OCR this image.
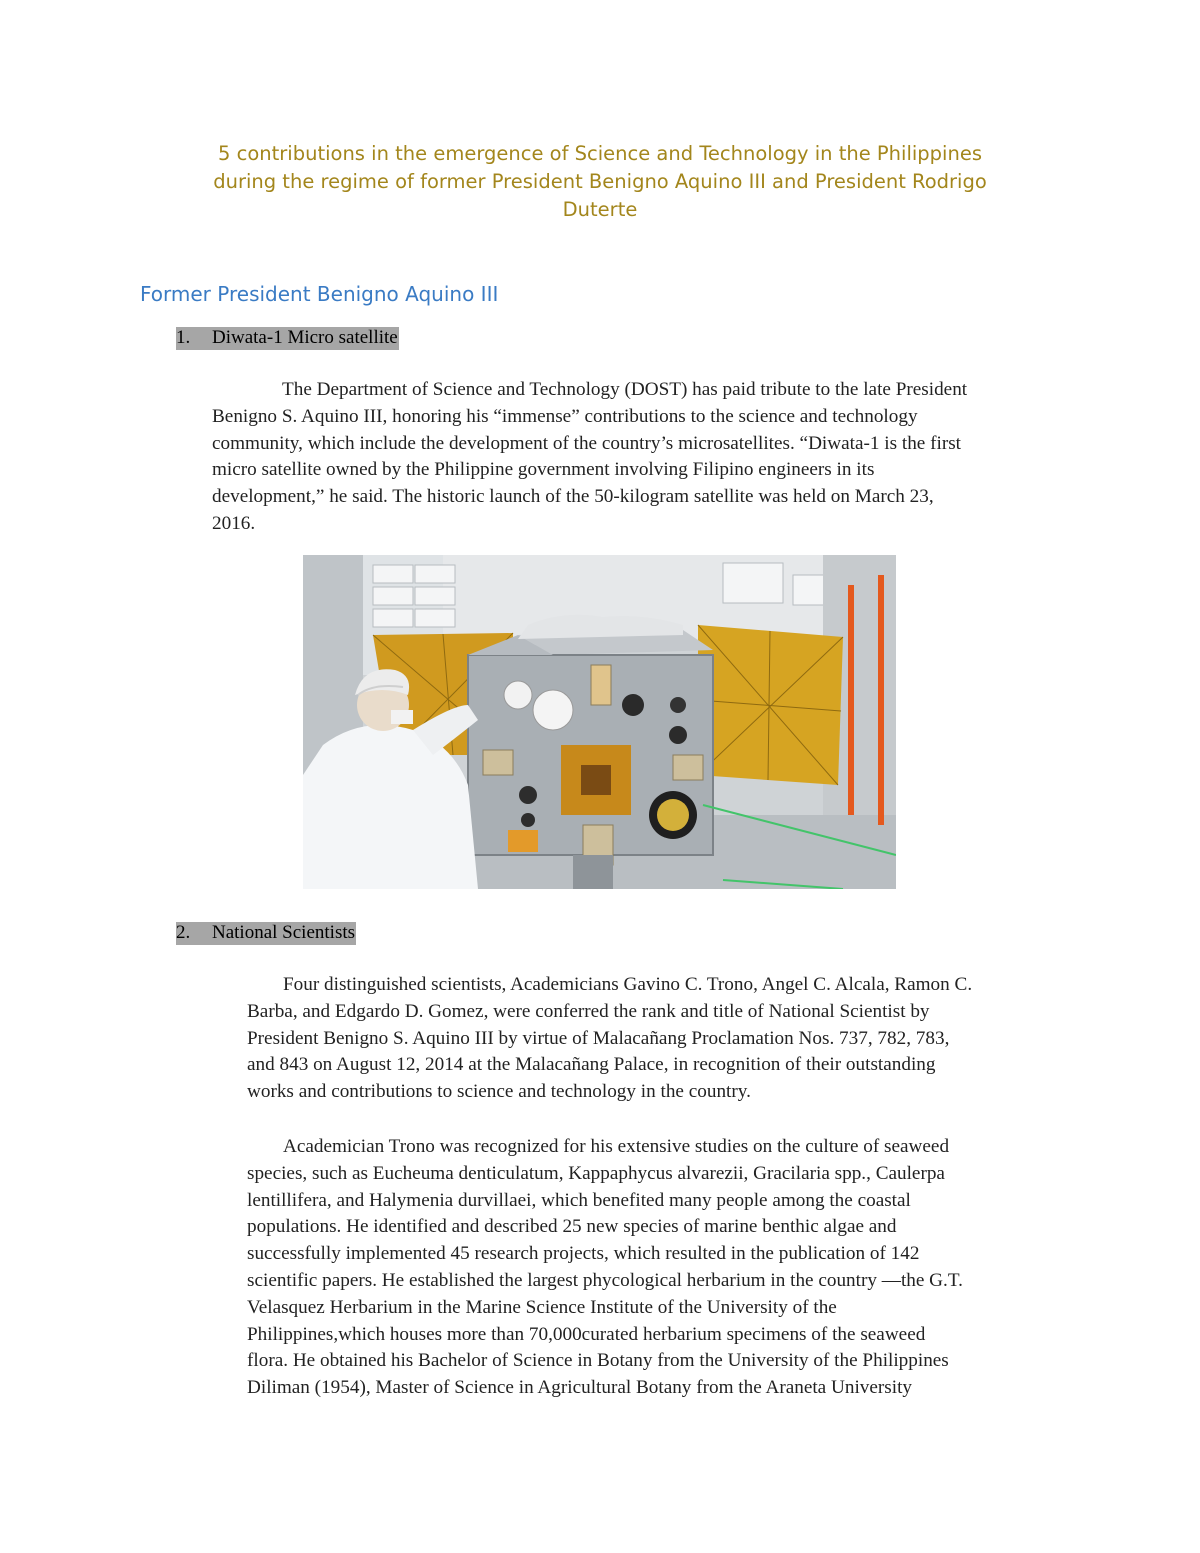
5 contributions in the emergence of Science and Technology in the Philippines
during the regime of former President Benigno Aquino III and President Rodrigo
Duterte
Former President Benigno Aquino III
1. Diwata-1 Micro satellite
The Department of Science and Technology (DOST) has paid tribute to the late President
Benigno S. Aquino III, honoring his “immense” contributions to the science and technology
community, which include the development of the country’s microsatellites. “Diwata-1 is the first
micro satellite owned by the Philippine government involving Filipino engineers in its
development,” he said. The historic launch of the 50-kilogram satellite was held on March 23,
2016.
2. National Scientists
Four distinguished scientists, Academicians Gavino C. Trono, Angel C. Alcala, Ramon C.
Barba, and Edgardo D. Gomez, were conferred the rank and title of National Scientist by
President Benigno S. Aquino III by virtue of Malacañang Proclamation Nos. 737, 782, 783,
and 843 on August 12, 2014 at the Malacañang Palace, in recognition of their outstanding
works and contributions to science and technology in the country.
Academician Trono was recognized for his extensive studies on the culture of seaweed
species, such as Eucheuma denticulatum, Kappaphycus alvarezii, Gracilaria spp., Caulerpa
lentillifera, and Halymenia durvillaei, which benefited many people among the coastal
populations. He identified and described 25 new species of marine benthic algae and
successfully implemented 45 research projects, which resulted in the publication of 142
scientific papers. He established the largest phycological herbarium in the country —the G.T.
Velasquez Herbarium in the Marine Science Institute of the University of the
Philippines,which houses more than 70,000curated herbarium specimens of the seaweed
flora. He obtained his Bachelor of Science in Botany from the University of the Philippines
Diliman (1954), Master of Science in Agricultural Botany from the Araneta University
